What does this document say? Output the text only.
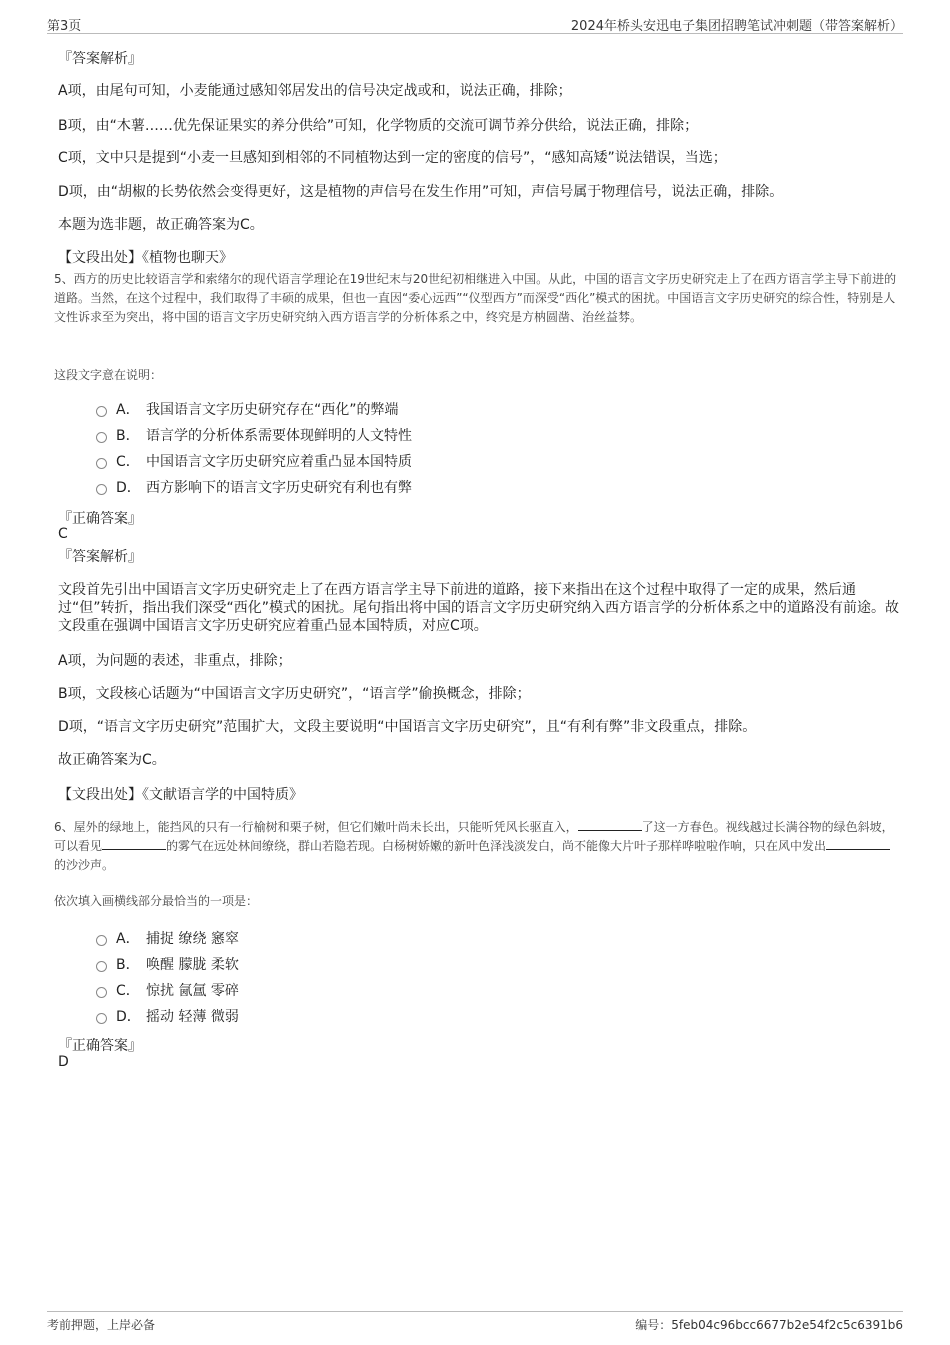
第3页	2024年桥头安迅电子集团招聘笔试冲刺题（带答案解析）
『答案解析』
A项，由尾句可知，小麦能通过感知邻居发出的信号决定战或和，说法正确，排除；
B项，由“木薯……优先保证果实的养分供给”可知，化学物质的交流可调节养分供给，说法正确，排除；
C项，文中只是提到“小麦一旦感知到相邻的不同植物达到一定的密度的信号”，“感知高矮”说法错误，当选；
D项，由“胡椒的长势依然会变得更好，这是植物的声信号在发生作用”可知，声信号属于物理信号，说法正确，排除。
本题为选非题，故正确答案为C。
【文段出处】《植物也聊天》
5、西方的历史比较语言学和索绪尔的现代语言学理论在19世纪末与20世纪初相继进入中国。从此，中国的语言文字历史研究走上了在西方语言学主导下前进的道路。当然，在这个过程中，我们取得了丰硕的成果，但也一直因“委心远西”“仪型西方”而深受“西化”模式的困扰。中国语言文字历史研究的综合性，特别是人文性诉求至为突出，将中国的语言文字历史研究纳入西方语言学的分析体系之中，终究是方枘圆凿、治丝益棼。
这段文字意在说明：
A． 我国语言文字历史研究存在“西化”的弊端
B． 语言学的分析体系需要体现鲜明的人文特性
C． 中国语言文字历史研究应着重凸显本国特质
D． 西方影响下的语言文字历史研究有利也有弊
『正确答案』
C
『答案解析』
文段首先引出中国语言文字历史研究走上了在西方语言学主导下前进的道路，接下来指出在这个过程中取得了一定的成果，然后通过“但”转折，指出我们深受“西化”模式的困扰。尾句指出将中国的语言文字历史研究纳入西方语言学的分析体系之中的道路没有前途。故文段重在强调中国语言文字历史研究应着重凸显本国特质，对应C项。
A项，为问题的表述，非重点，排除；
B项，文段核心话题为“中国语言文字历史研究”，“语言学”偷换概念，排除；
D项，“语言文字历史研究”范围扩大，文段主要说明“中国语言文字历史研究”，且“有利有弊”非文段重点，排除。
故正确答案为C。
【文段出处】《文献语言学的中国特质》
6、屋外的绿地上，能挡风的只有一行榆树和栗子树，但它们嫩叶尚未长出，只能听凭风长驱直入，	了这一方春色。视线越过长满谷物的绿色斜坡，可以看见	的雾气在远处林间缭绕，群山若隐若现。白杨树娇嫩的新叶色泽浅淡发白，尚不能像大片叶子那样哗啦啦作响，只在风中发出的沙沙声。
依次填入画横线部分最恰当的一项是：
A． 捕捉 缭绕 窸窣
B． 唤醒 朦胧 柔软
C． 惊扰 氤氲 零碎
D． 摇动 轻薄 微弱
『正确答案』
D
考前押题，上岸必备	编号：5feb04c96bcc6677b2e54f2c5c6391b6
